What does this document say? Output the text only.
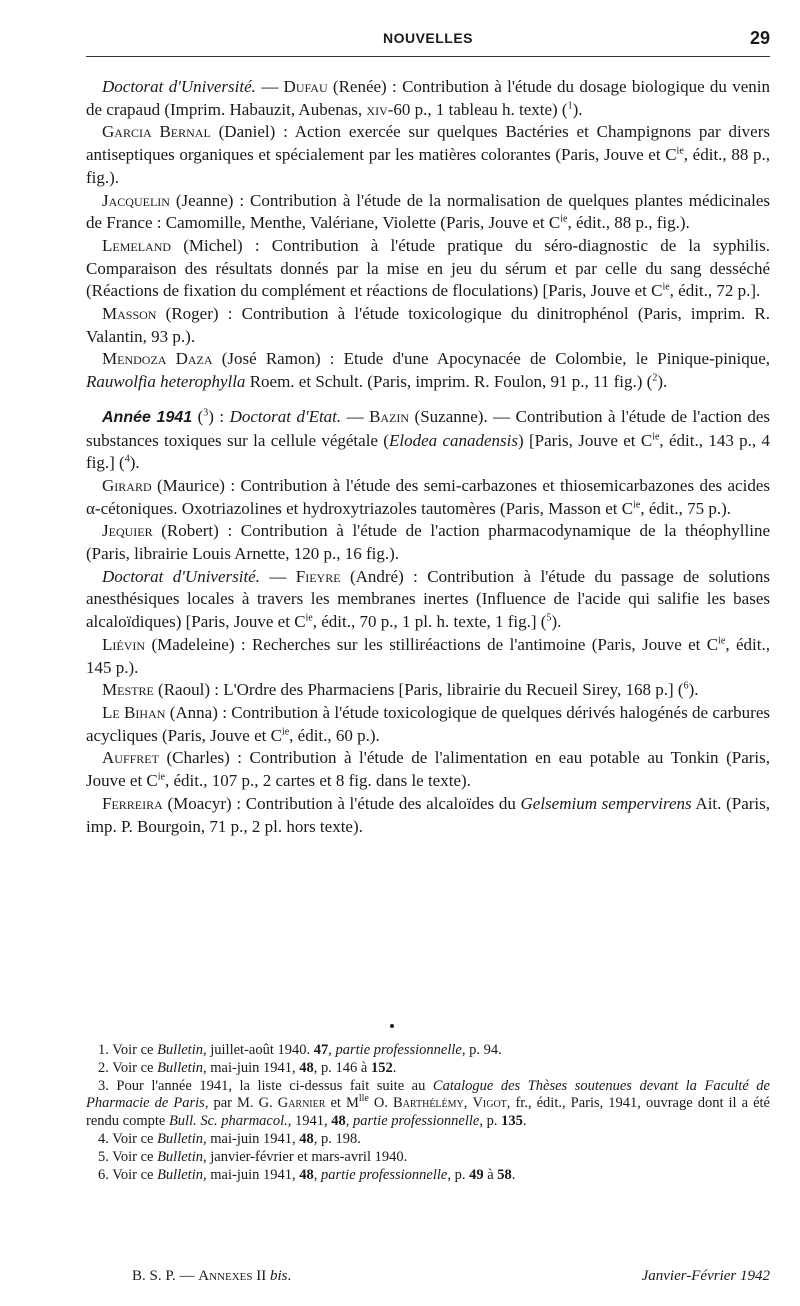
NOUVELLES	29

Doctorat d'Université. — Dufau (Renée) : Contribution à l'étude du dosage biologique du venin de crapaud (Imprim. Habauzit, Aubenas, xiv-60 p., 1 tableau h. texte) ($^1$).

Garcia Bernal (Daniel) : Action exercée sur quelques Bactéries et Champignons par divers antiseptiques organiques et spécialement par les matières colorantes (Paris, Jouve et $C^{ie}$, édit., 88 p., fig.).

Jacquelin (Jeanne) : Contribution à l'étude de la normalisation de quelques plantes médicinales de France : Camomille, Menthe, Valériane, Violette (Paris, Jouve et $C^{ie}$, édit., 88 p., fig.).

Lemeland (Michel) : Contribution à l'étude pratique du séro-diagnostic de la syphilis. Comparaison des résultats donnés par la mise en jeu du sérum et par celle du sang desséché (Réactions de fixation du complément et réactions de floculations) [Paris, Jouve et $C^{ie}$, édit., 72 p.].

Masson (Roger) : Contribution à l'étude toxicologique du dinitrophénol (Paris, imprim. R. Valantin, 93 p.).

Mendoza Daza (José Ramon) : Etude d'une Apocynacée de Colombie, le Pinique-pinique, Rauwolfia heterophylla Roem. et Schult. (Paris, imprim. R. Foulon, 91 p., 11 fig.) ($^2$).

Année 1941 ($^3$) : Doctorat d'Etat. — Bazin (Suzanne). — Contribution à l'étude de l'action des substances toxiques sur la cellule végétale (Elodea canadensis) [Paris, Jouve et $C^{ie}$, édit., 143 p., 4 fig.] ($^4$).

Girard (Maurice) : Contribution à l'étude des semi-carbazones et thiosemicarbazones des acides α-cétoniques. Oxotriazolines et hydroxytriazoles tautomères (Paris, Masson et $C^{ie}$, édit., 75 p.).

Jequier (Robert) : Contribution à l'étude de l'action pharmacodynamique de la théophylline (Paris, librairie Louis Arnette, 120 p., 16 fig.).

Doctorat d'Université. — Fieyre (André) : Contribution à l'étude du passage de solutions anesthésiques locales à travers les membranes inertes (Influence de l'acide qui salifie les bases alcaloïdiques) [Paris, Jouve et $C^{ie}$, édit., 70 p., 1 pl. h. texte, 1 fig.] ($^5$).

Liévin (Madeleine) : Recherches sur les stilliréactions de l'antimoine (Paris, Jouve et $C^{ie}$, édit., 145 p.).

Mestre (Raoul) : L'Ordre des Pharmaciens [Paris, librairie du Recueil Sirey, 168 p.] ($^6$).

Le Bihan (Anna) : Contribution à l'étude toxicologique de quelques dérivés halogénés de carbures acycliques (Paris, Jouve et $C^{ie}$, édit., 60 p.).

Auffret (Charles) : Contribution à l'étude de l'alimentation en eau potable au Tonkin (Paris, Jouve et $C^{ie}$, édit., 107 p., 2 cartes et 8 fig. dans le texte).

Ferreira (Moacyr) : Contribution à l'étude des alcaloïdes du Gelsemium sempervirens Ait. (Paris, imp. P. Bourgoin, 71 p., 2 pl. hors texte).

1. Voir ce Bulletin, juillet-août 1940. 47, partie professionnelle, p. 94.

2. Voir ce Bulletin, mai-juin 1941, 48, p. 146 à 152.

3. Pour l'année 1941, la liste ci-dessus fait suite au Catalogue des Thèses soutenues devant la Faculté de Pharmacie de Paris, par M. G. Garnier et $M^{lle}$ O. Barthélémy, Vigot, fr., édit., Paris, 1941, ouvrage dont il a été rendu compte Bull. Sc. pharmacol., 1941, 48, partie professionnelle, p. 135.

4. Voir ce Bulletin, mai-juin 1941, 48, p. 198.

5. Voir ce Bulletin, janvier-février et mars-avril 1940.

6. Voir ce Bulletin, mai-juin 1941, 48, partie professionnelle, p. 49 à 58.

B. S. P. — Annexes II bis.	Janvier-Février 1942
